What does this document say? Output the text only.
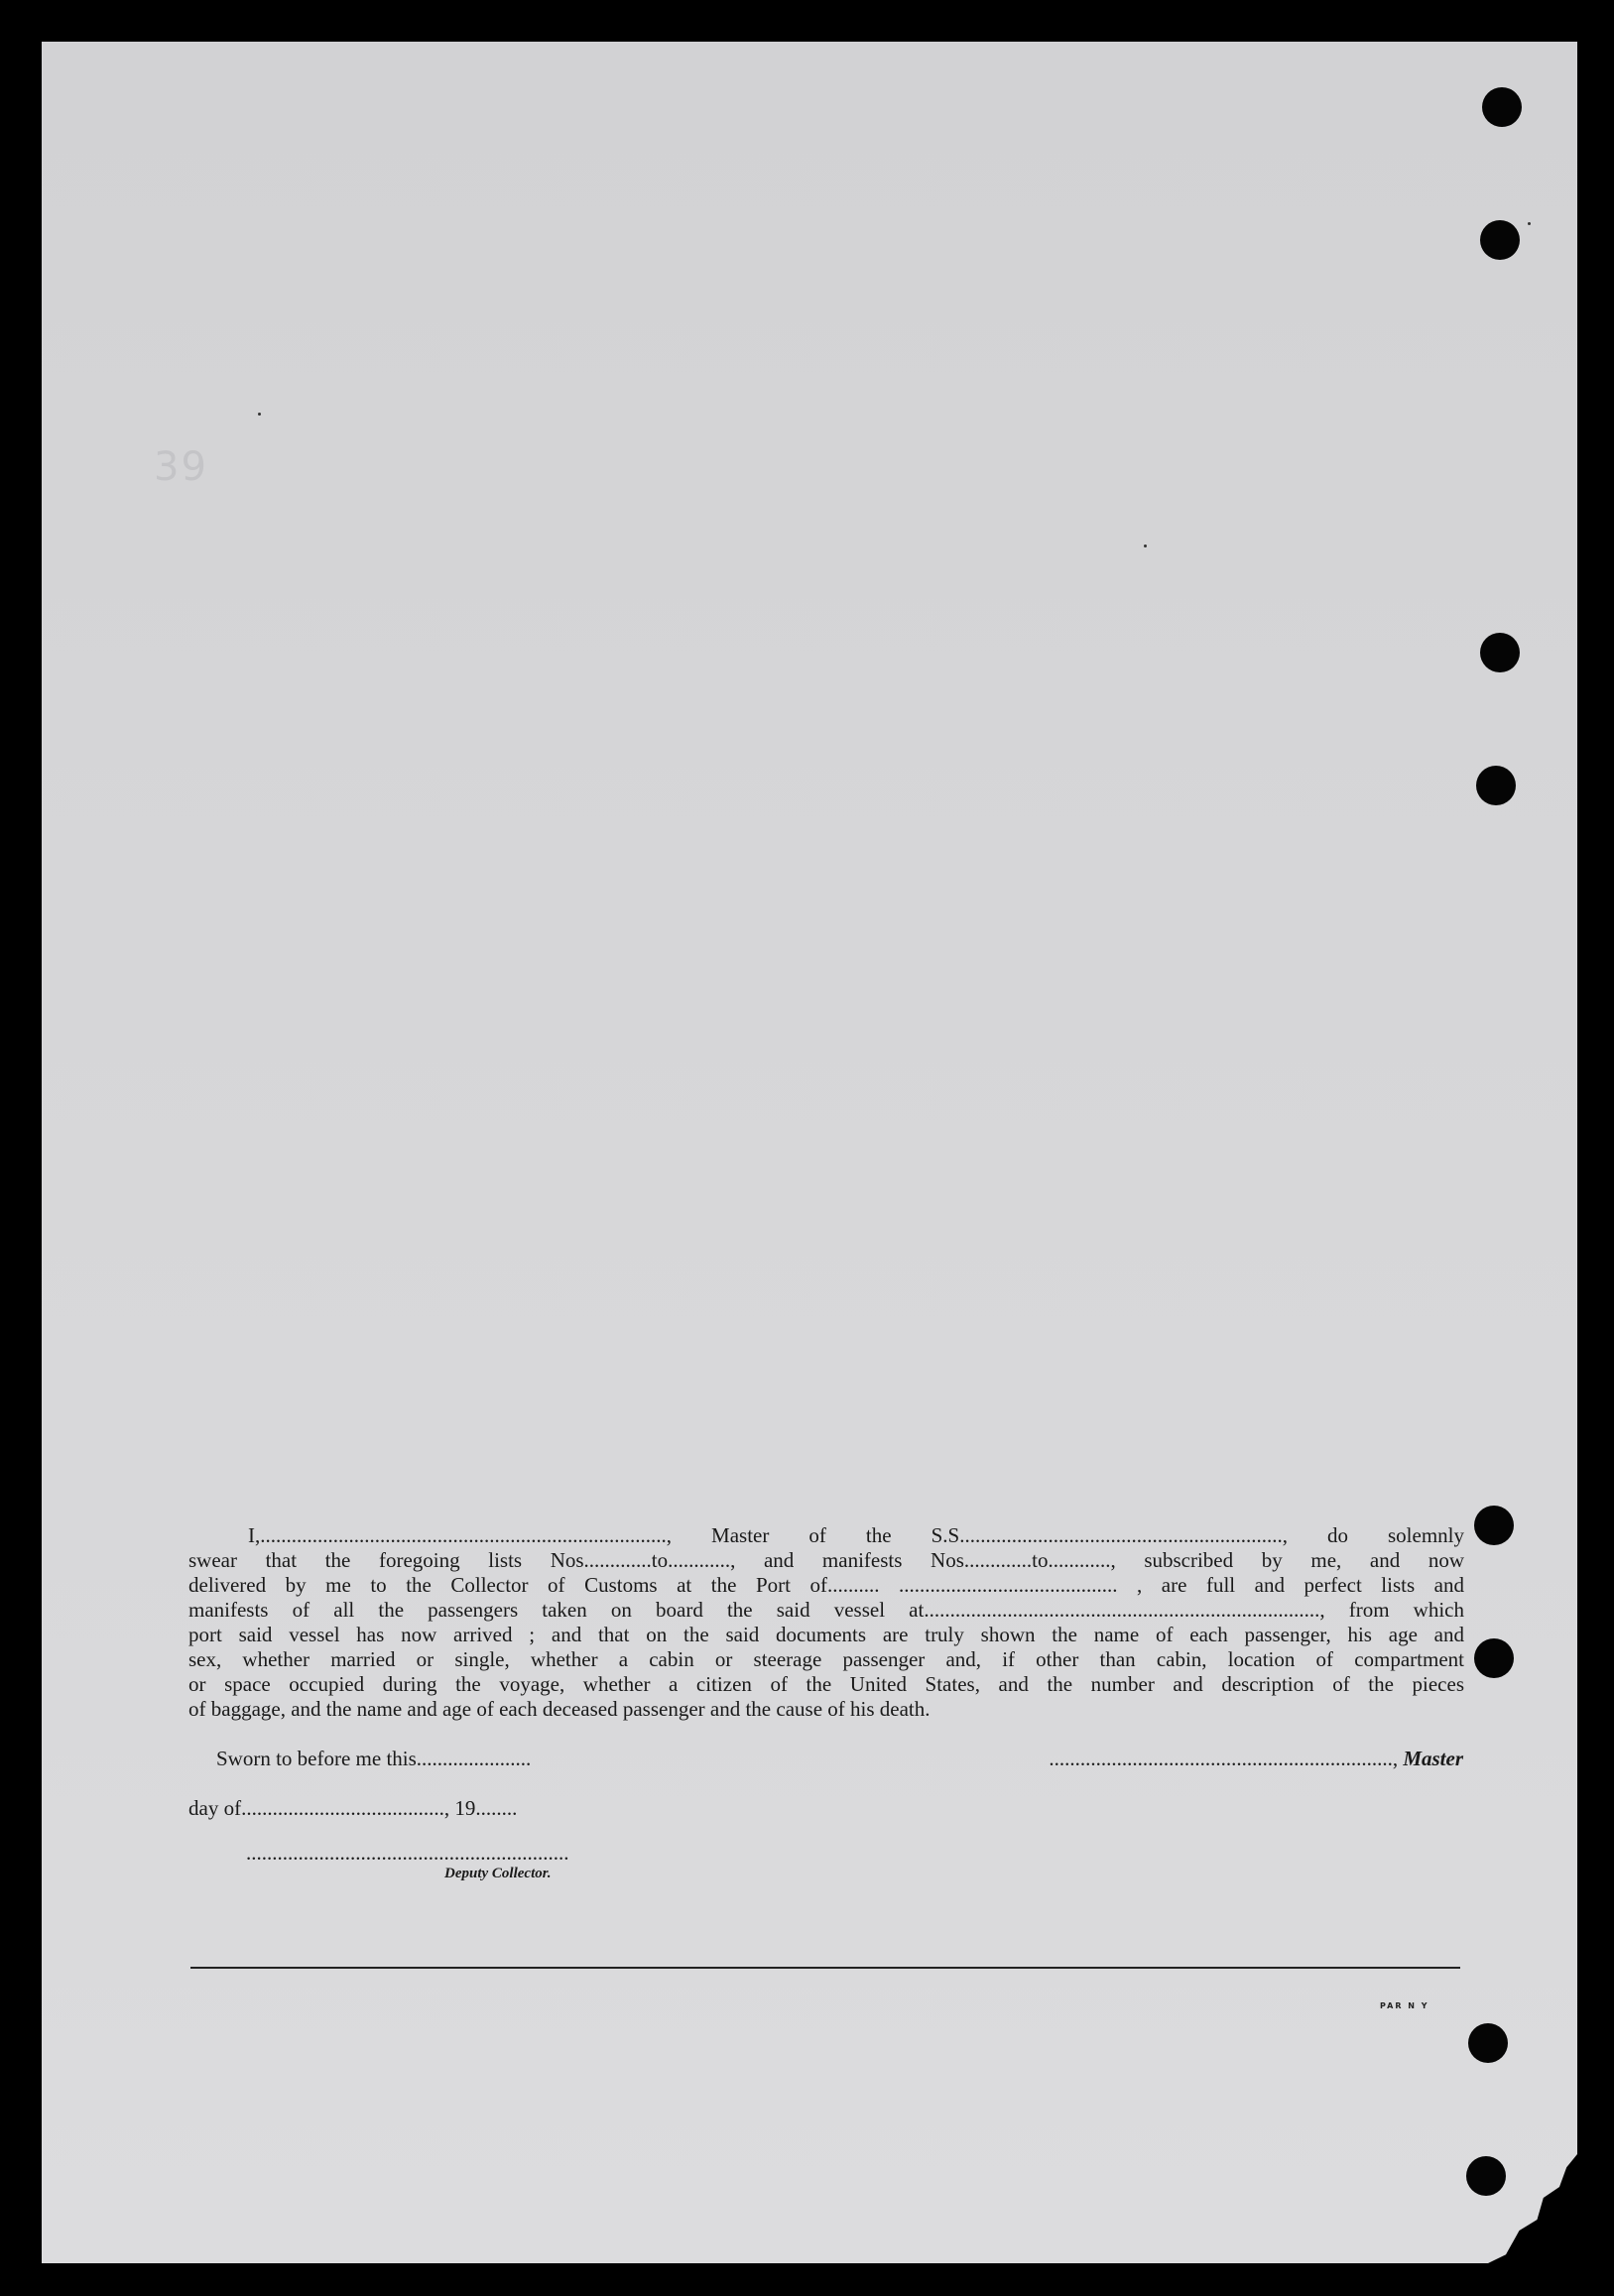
39
I,.............................................................................., Master of the S.S.............................................................., do solemnly
swear that the foregoing lists Nos.............to............, and manifests Nos.............to............, subscribed by me, and now
delivered by me to the Collector of Customs at the Port of.......... .......................................... , are full and perfect lists and
manifests of all the passengers taken on board the said vessel at............................................................................, from which
port said vessel has now arrived ; and that on the said documents are truly shown the name of each passenger, his age and
sex, whether married or single, whether a cabin or steerage passenger and, if other than cabin, location of compartment
or space occupied during the voyage, whether a citizen of the United States, and the number and description of the pieces
of baggage, and the name and age of each deceased passenger and the cause of his death.
Sworn to before me this......................	.................................................................., Master
day of......................................., 19........
..............................................................
Deputy Collector.
PAR N Y
